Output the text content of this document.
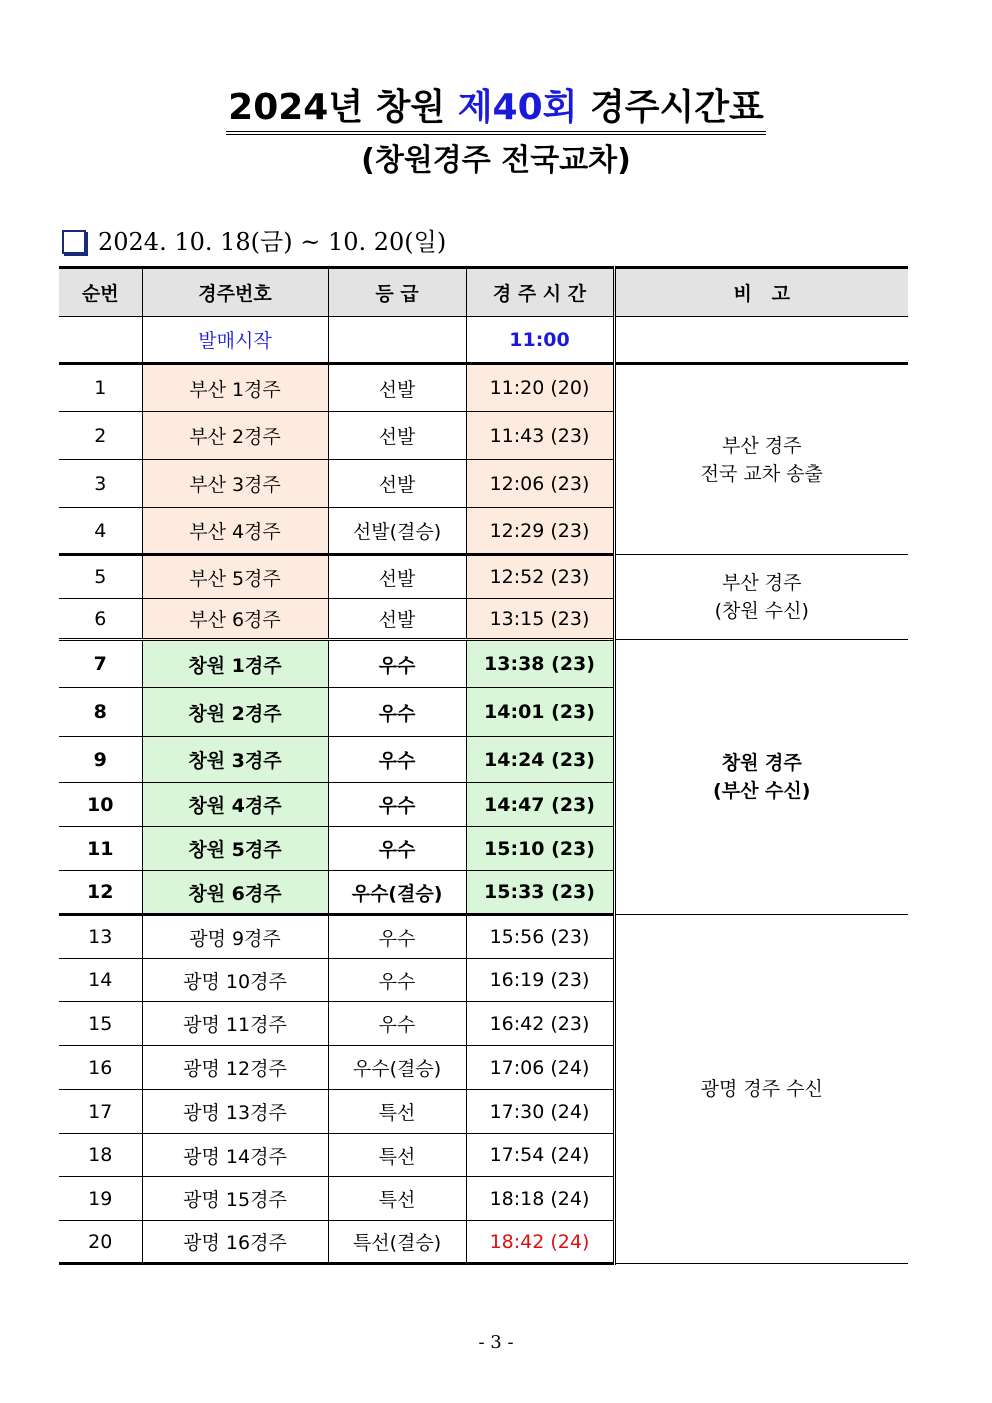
2024년 창원 제40회 경주시간표
(창원경주 전국교차)
2024. 10. 18(금) ~ 10. 20(일)
순번	경주번호	등 급	경 주 시 간	비   고
	발매시작		11:00	
1	부산 1경주	선발	11:20 (20)	부산 경주
전국 교차 송출

2	부산 2경주	선발	11:43 (23)	
3	부산 3경주	선발	12:06 (23)	
4	부산 4경주	선발(결승)	12:29 (23)	
5	부산 5경주	선발	12:52 (23)	부산 경주
(창원 수신)

6	부산 6경주	선발	13:15 (23)	
7	창원 1경주	우수	13:38 (23)	창원 경주
(부산 수신)

8	창원 2경주	우수	14:01 (23)	
9	창원 3경주	우수	14:24 (23)	
10	창원 4경주	우수	14:47 (23)	
11	창원 5경주	우수	15:10 (23)	
12	창원 6경주	우수(결승)	15:33 (23)	
13	광명 9경주	우수	15:56 (23)	광명 경주 수신

14	광명 10경주	우수	16:19 (23)	
15	광명 11경주	우수	16:42 (23)	
16	광명 12경주	우수(결승)	17:06 (24)	
17	광명 13경주	특선	17:30 (24)	
18	광명 14경주	특선	17:54 (24)	
19	광명 15경주	특선	18:18 (24)	
20	광명 16경주	특선(결승)	18:42 (24)	
- 3 -
